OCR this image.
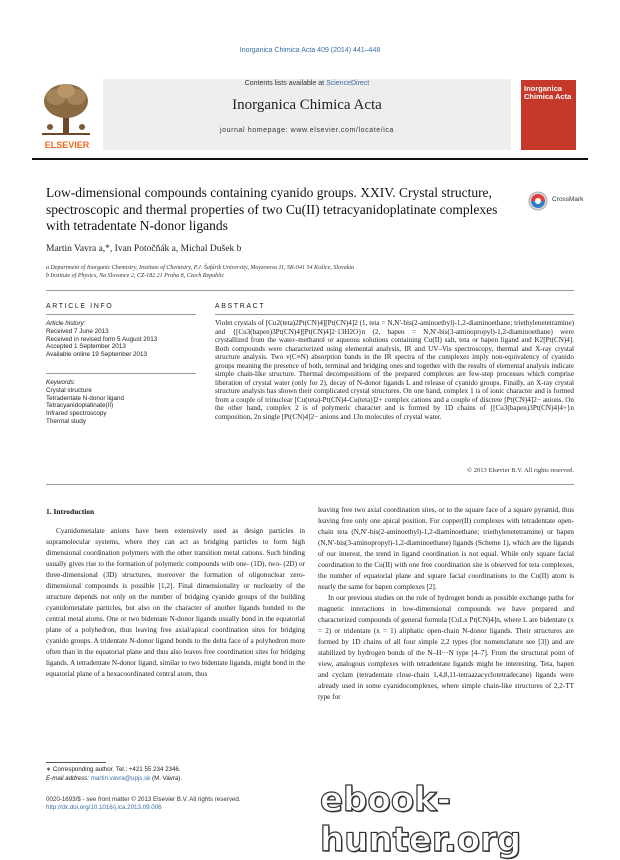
Inorganica Chimica Acta 409 (2014) 441–448
ELSEVIER
Contents lists available at ScienceDirect
Inorganica Chimica Acta
journal homepage: www.elsevier.com/locate/ica
Inorganica Chimica Acta
Low-dimensional compounds containing cyanido groups. XXIV. Crystal structure, spectroscopic and thermal properties of two Cu(II) tetracyanidoplatinate complexes with tetradentate N-donor ligands
CrossMark
Martin Vavra a,*, Ivan Potočňák a, Michal Dušek b
a Department of Inorganic Chemistry, Institute of Chemistry, P.J. Šafárik University, Moyzesova 11, SK-041 54 Košice, Slovakia
b Institute of Physics, Na Slovance 2, CZ-182 21 Praha 8, Czech Republic
ARTICLE INFO
Article history:
Received 7 June 2013
Received in revised form 5 August 2013
Accepted 1 September 2013
Available online 19 September 2013
Keywords:
Crystal structure
Tetradentate N-donor ligand
Tetracyanidoplatinate(II)
Infrared spectroscopy
Thermal study
ABSTRACT
Violet crystals of [Cu2(teta)2Pt(CN)4][Pt(CN)4]2 (1, teta = N,N′-bis(2-aminoethyl)-1,2-diaminoethane; triethylenetetramine) and {[Cu3(bapen)3Pt(CN)4][Pt(CN)4]2·13H2O}n (2, bapen = N,N′-bis(3-aminopropyl)-1,2-diaminoethane) were crystallized from the water–methanol or aqueous solutions containing Cu(II) salt, teta or bapen ligand and K2[Pt(CN)4]. Both compounds were characterized using elemental analysis, IR and UV–Vis spectroscopy, thermal and X-ray crystal structure analysis. Two ν(C≡N) absorption bands in the IR spectra of the complexes imply non-equivalency of cyanido groups meaning the presence of both, terminal and bridging ones and together with the results of elemental analysis indicate simple chain-like structure. Thermal decompositions of the prepared complexes are few-step processes which comprise liberation of crystal water (only for 2), decay of N-donor ligands L and release of cyanido groups. Finally, an X-ray crystal structure analysis has shown their complicated crystal structures. On one hand, complex 1 is of ionic character and is formed from a couple of trinuclear [Cu(teta)-Pt(CN)4-Cu(teta)]2+ complex cations and a couple of discrete [Pt(CN)4]2− anions. On the other hand, complex 2 is of polymeric character and is formed by 1D chains of {[Cu3(bapen)3Pt(CN)4]4+}n composition, 2n single [Pt(CN)4]2− anions and 13n molecules of crystal water.
© 2013 Elsevier B.V. All rights reserved.
1. Introduction
Cyanidometalate anions have been extensively used as design particles in supramolecular systems, where they can act as bridging particles to form high dimensional coordination polymers with the other transition metal cations. Such binding usually gives rise to the formation of polymeric compounds with one- (1D), two- (2D) or three-dimensional (3D) structures, moreover the formation of oligonuclear zero-dimensional compounds is possible [1,2]. Final dimensionality or nuclearity of the structure depends not only on the number of bridging cyanido groups of the building cyanidometalate particles, but also on the character of another ligands bonded to the central metal atoms. One or two bidentate N-donor ligands usually bond in the equatorial plane of a polyhedron, thus leaving free axial/apical coordination sites for bridging cyanido groups. A tridentate N-donor ligand bonds to the delta face of a polyhedron more often than in the equatorial plane and thus also leaves free coordination sites for bridging ligands. A tetradentate N-donor ligand, similar to two bidentate ligands, might bond in the equatorial plane of a hexacoordinated central atom, thus

leaving free two axial coordination sites, or to the square face of a square pyramid, thus leaving free only one apical position. For copper(II) complexes with tetradentate open-chain teta (N,N′-bis(2-aminoethyl)-1,2-diaminoethane; triethylenetetramine) or bapen (N,N′-bis(3-aminopropyl)-1,2-diaminoethane) ligands (Scheme 1), which are the ligands of our interest, the trend in ligand coordination is not equal. While only square facial coordination to the Cu(II) with one free coordination site is observed for teta complexes, the number of equatorial plane and square facial coordinations to the Cu(II) atom is nearly the same for bapen complexes [2].

In our previous studies on the role of hydrogen bonds as possible exchange paths for magnetic interactions in low-dimensional compounds we have prepared and characterized compounds of general formula [CuLx Pt(CN)4]n, where L are bidentate (x = 2) or tridentate (x = 1) aliphatic open-chain N-donor ligands. Their structures are formed by 1D chains of all four simple 2,2 types (for nomenclature see [3]) and are stabilized by hydrogen bonds of the N–H···N type [4–7]. From the structural point of view, analogous complexes with tetradentate ligands might be interesting. Teta, bapen and cyclam (tetradentate close-chain 1,4,8,11-tetraazacyclotetradecane) ligands were already used in some cyanidocomplexes, where simple chain-like structures of 2,2-TT type for

∗ Corresponding author. Tel.: +421 55 234 2346.
E-mail address: martin.vavra@upjs.sk (M. Vavra).
0020-1693/$ - see front matter © 2013 Elsevier B.V. All rights reserved.
http://dx.doi.org/10.1016/j.ica.2013.09.006	ebook-hunter.org
